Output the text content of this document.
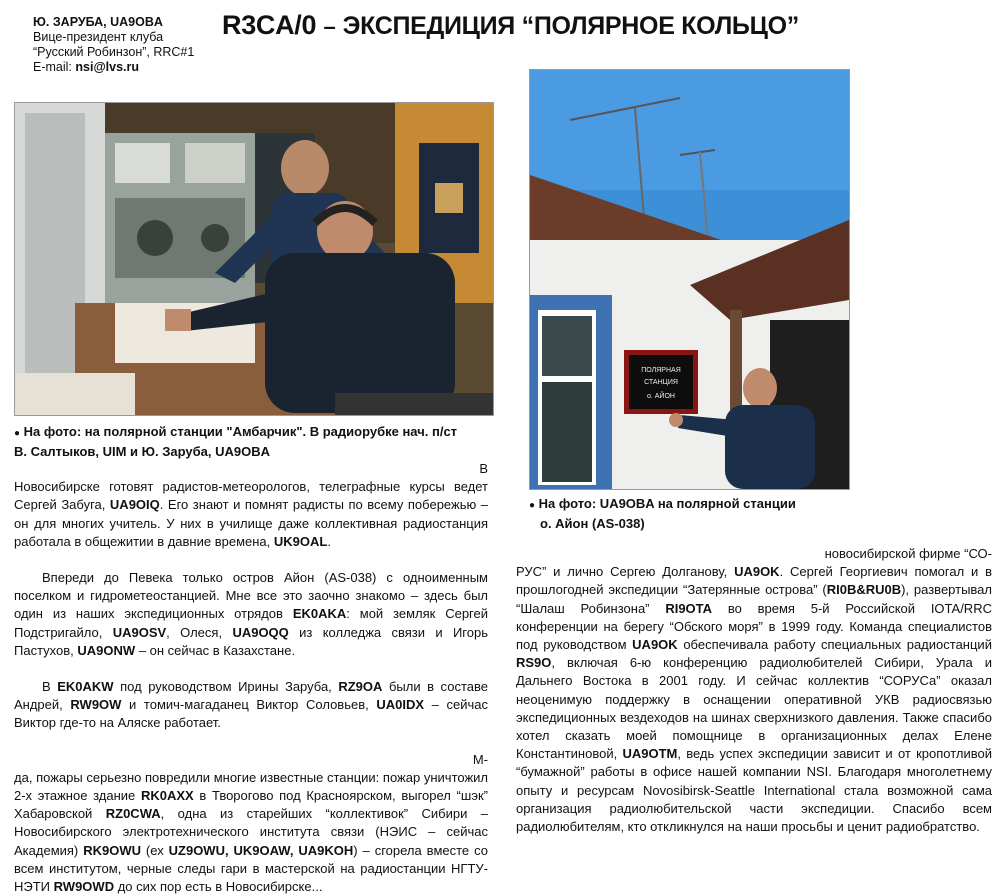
Ю. ЗАРУБА, UA9OBA
Вице-президент клуба
“Русский Робинзон”, RRC#1
E-mail: nsi@lvs.ru
R3CA/0 – ЭКСПЕДИЦИЯ “ПОЛЯРНОЕ КОЛЬЦО”
● На фото: на полярной станции "Амбарчик". В радиорубке нач. п/ст
В. Салтыков, UIM и Ю. Заруба, UA9OBA
ПОЛЯРНАЯ
СТАНЦИЯ
о. АЙОН
● На фото: UA9OBA на полярной станции
о. Айон (AS-038)

В
Новосибирске готовят радистов-метеорологов, телеграфные курсы ведет Сергей Забуга, UA9OIQ. Его знают и помнят радисты по всему побережью – он для многих учитель. У них в училище даже коллективная радиостанция работала в общежитии в давние времена, UK9OAL.

Впереди до Певека только остров Айон (AS-038) с одноименным поселком и гидрометеостанцией. Мне все это заочно знакомо – здесь был один из наших экспедиционных отрядов EK0AKA: мой земляк Сергей Подстригайло, UA9OSV, Олеся, UA9OQQ из колледжа связи и Игорь Пастухов, UA9ONW – он сейчас в Казахстане.

В EK0AKW под руководством Ирины Заруба, RZ9OA были в составе Андрей, RW9OW и томич-магаданец Виктор Соловьев, UA0IDX – сейчас Виктор где-то на Аляске работает.

М-
да, пожары серьезно повредили многие известные станции: пожар уничтожил 2-х этажное здание RK0AXX в Творогово под Красноярском, выгорел “шэк” Хабаровской RZ0CWA, одна из старейших “коллективок” Сибири – Новосибирского электротехнического института связи (НЭИС – сейчас Академия) RK9OWU (ех UZ9OWU, UK9OAW, UA9KOH) – сгорела вместе со всем институтом, черные следы гари в мастерской на радиостанции НГТУ-НЭТИ RW9OWD до сих пор есть в Новосибирске...

новосибирской фирме “СО-
РУС” и лично Сергею Долганову, UA9OK. Сергей Георгиевич помогал и в прошлогодней экспедиции “Затерянные острова” (RI0B&RU0B), развертывал “Шалаш Робинзона” RI9OTA во время 5-й Российской IOTA/RRC конференции на берегу “Обского моря” в 1999 году. Команда специалистов под руководством UA9OK обеспечивала работу специальных радиостанций RS9O, включая 6-ю конференцию радиолюбителей Сибири, Урала и Дальнего Востока в 2001 году. И сейчас коллектив “СОРУСа” оказал неоценимую поддержку в оснащении оперативной УКВ радиосвязью экспедиционных вездеходов на шинах сверхнизкого давления. Также спасибо хотел сказать моей помощнице в организационных делах Елене Константиновой, UA9OTM, ведь успех экспедиции зависит и от кропотливой “бумажной” работы в офисе нашей компании NSI. Благодаря многолетнему опыту и ресурсам Novosibirsk-Seattle International стала возможной сама организация радиолюбительской части экспедиции. Спасибо всем радиолюбителям, кто откликнулся на наши просьбы и ценит радиобратство.
